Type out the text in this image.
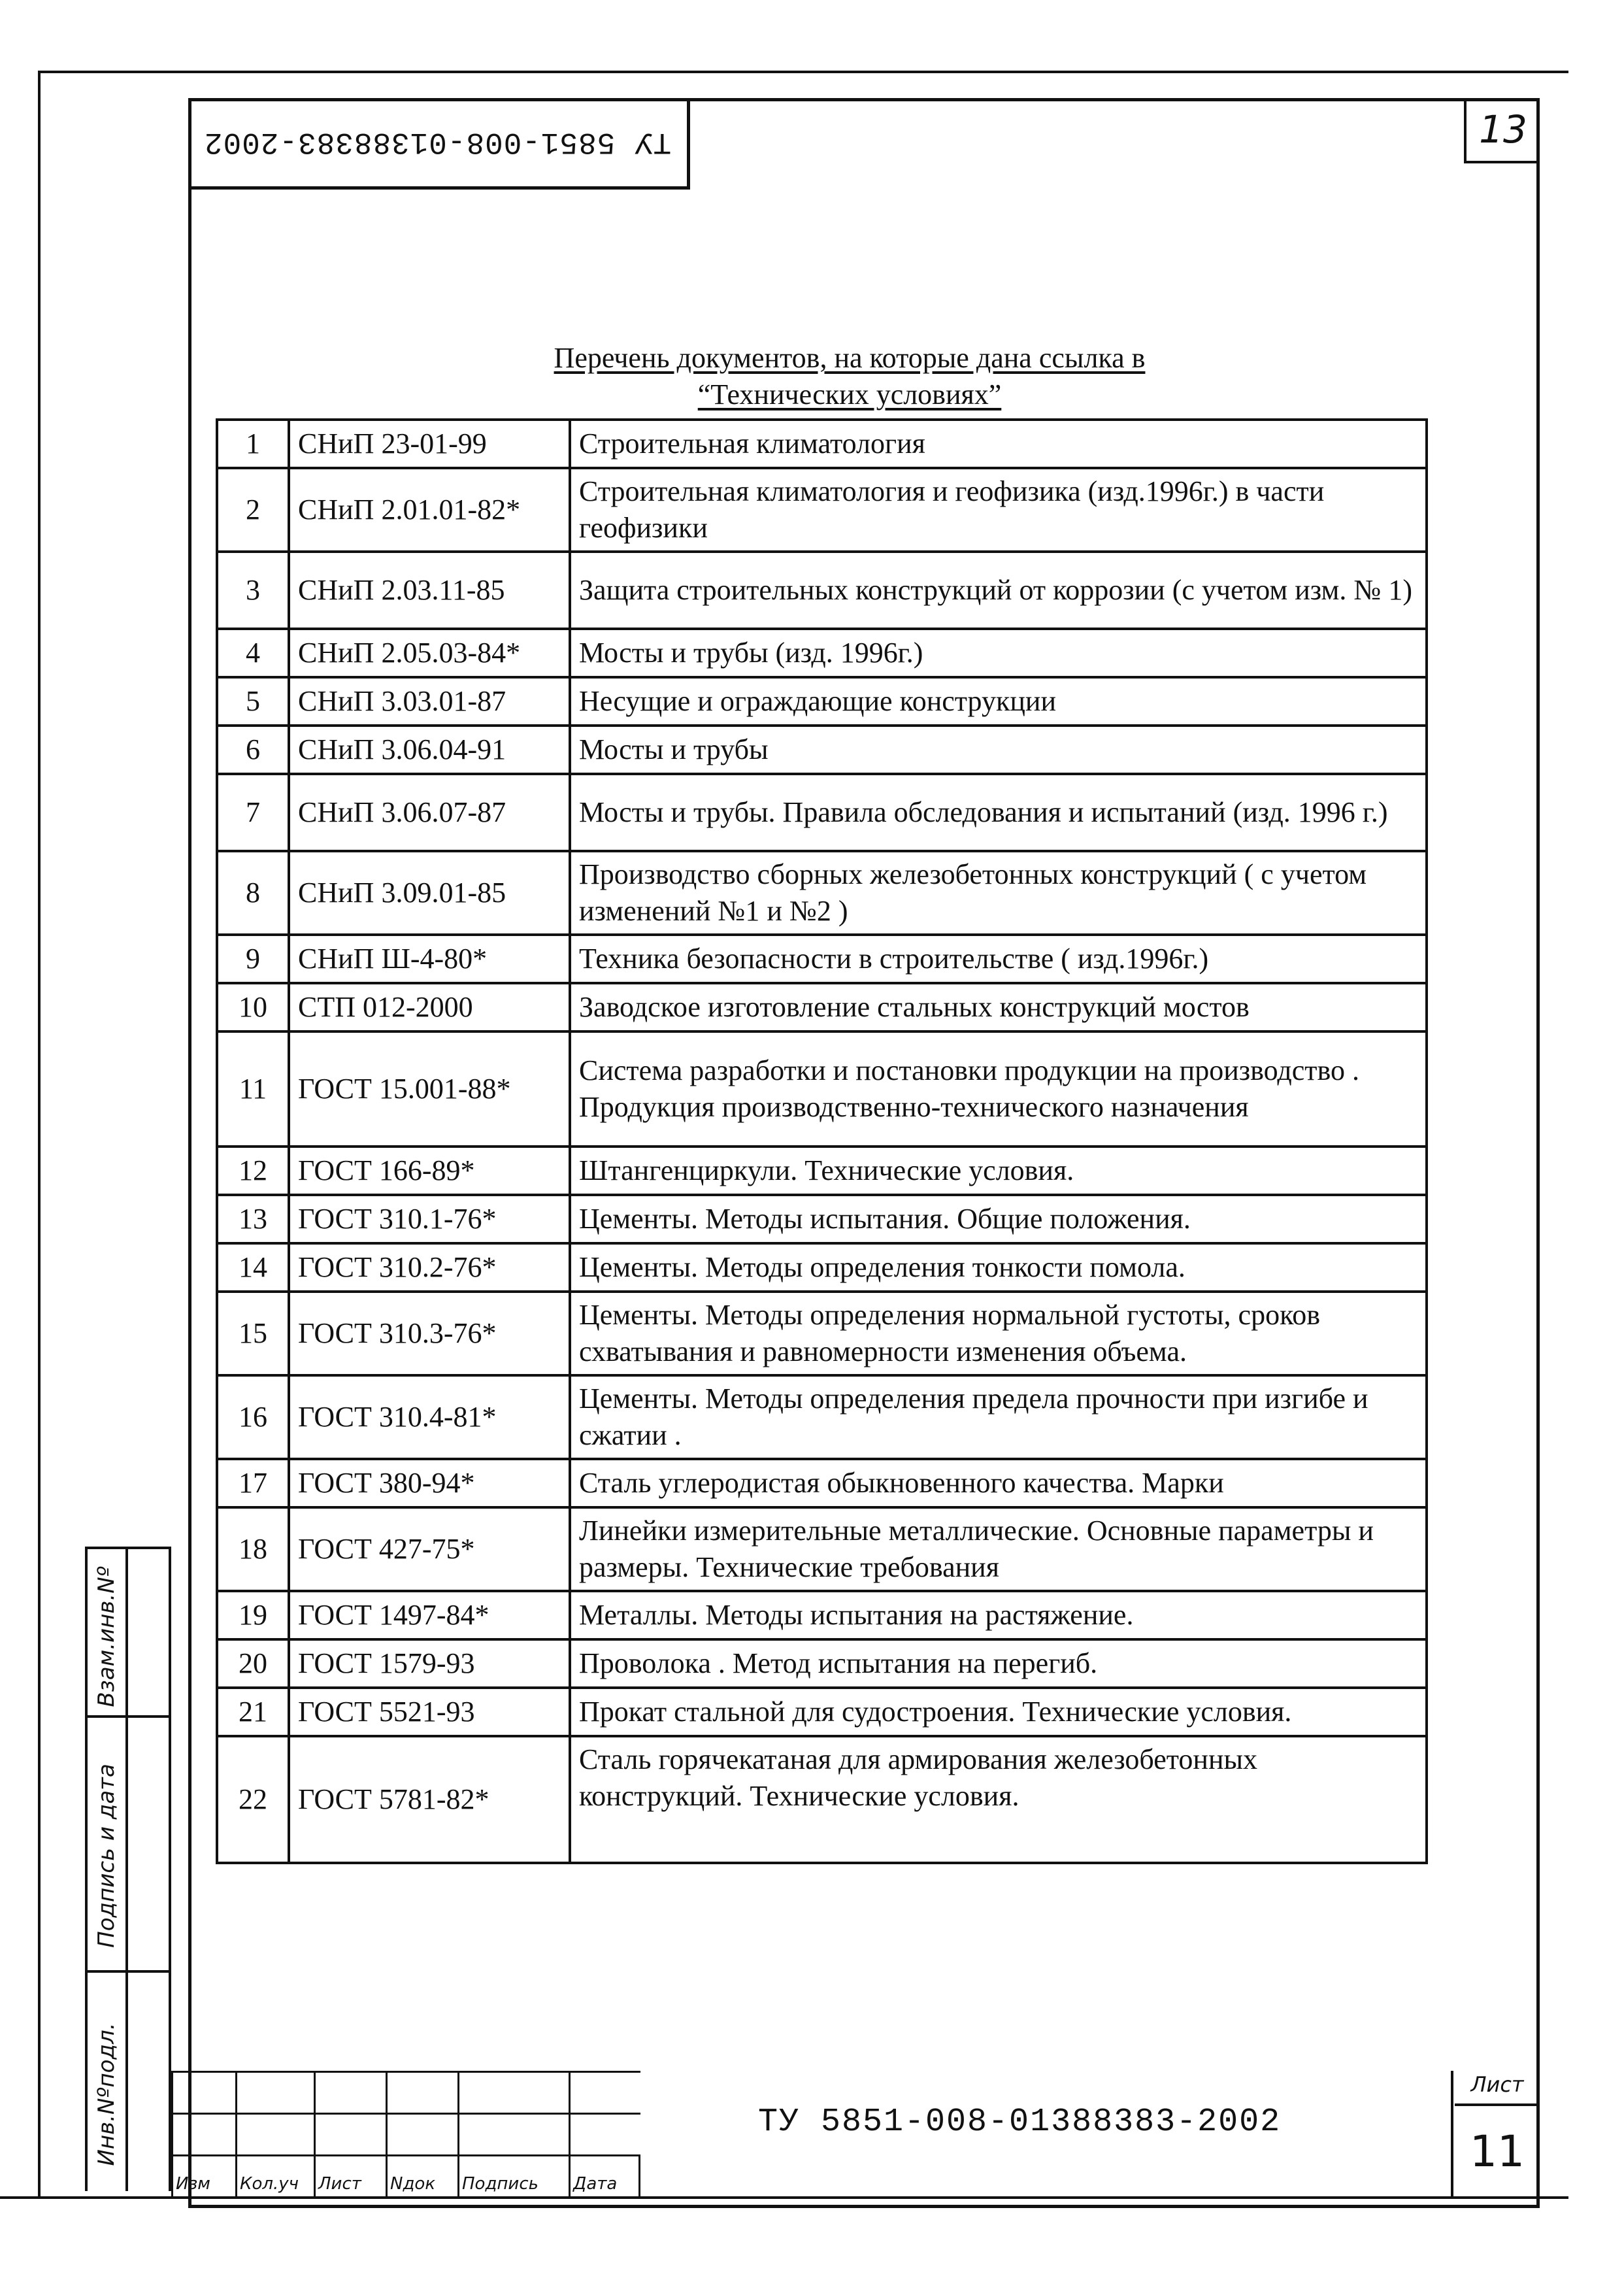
ТУ 5851-008-01388383-2002	13
Перечень документов, на которые дана ссылка в
“Технических условиях”
1	СНиП 23-01-99	Строительная климатология
2	СНиП 2.01.01-82*	Строительная климатология и геофизика (изд.1996г.) в части геофизики
3	СНиП 2.03.11-85	Защита строительных конструкций от коррозии (с учетом изм. № 1)
4	СНиП 2.05.03-84*	Мосты и трубы (изд. 1996г.)
5	СНиП 3.03.01-87	Несущие и ограждающие конструкции
6	СНиП 3.06.04-91	Мосты и трубы
7	СНиП 3.06.07-87	Мосты и трубы. Правила обследования и испытаний (изд. 1996 г.)
8	СНиП 3.09.01-85	Производство сборных железобетонных конструкций ( с учетом изменений №1 и №2 )
9	СНиП Ш-4-80*	Техника безопасности в строительстве ( изд.1996г.)
10	СТП 012-2000	Заводское изготовление стальных конструкций мостов
11	ГОСТ 15.001-88*	Система разработки и постановки продукции на производство . Продукция производственно-технического назначения
12	ГОСТ 166-89*	Штангенциркули. Технические условия.
13	ГОСТ 310.1-76*	Цементы. Методы испытания. Общие положения.
14	ГОСТ 310.2-76*	Цементы. Методы определения тонкости помола.
15	ГОСТ 310.3-76*	Цементы. Методы определения нормальной густоты, сроков схватывания и равномерности изменения объема.
16	ГОСТ 310.4-81*	Цементы. Методы определения предела прочности при изгибе и сжатии .
17	ГОСТ 380-94*	Сталь углеродистая обыкновенного качества. Марки
18	ГОСТ 427-75*	Линейки измерительные металлические. Основные параметры и размеры. Технические требования
19	ГОСТ 1497-84*	Металлы. Методы испытания на растяжение.
20	ГОСТ 1579-93	Проволока . Метод испытания на перегиб.
21	ГОСТ 5521-93	Прокат стальной для судостроения. Технические условия.
22	ГОСТ 5781-82*	Сталь горячекатаная для армирования железобетонных конструкций. Технические условия.
Инв.Nºподл.
Подпись и дата
Взам.инв.Nº
Изм Кол.уч Лист Nдок Подпись Дата
ТУ 5851-008-01388383-2002
Лист
11
